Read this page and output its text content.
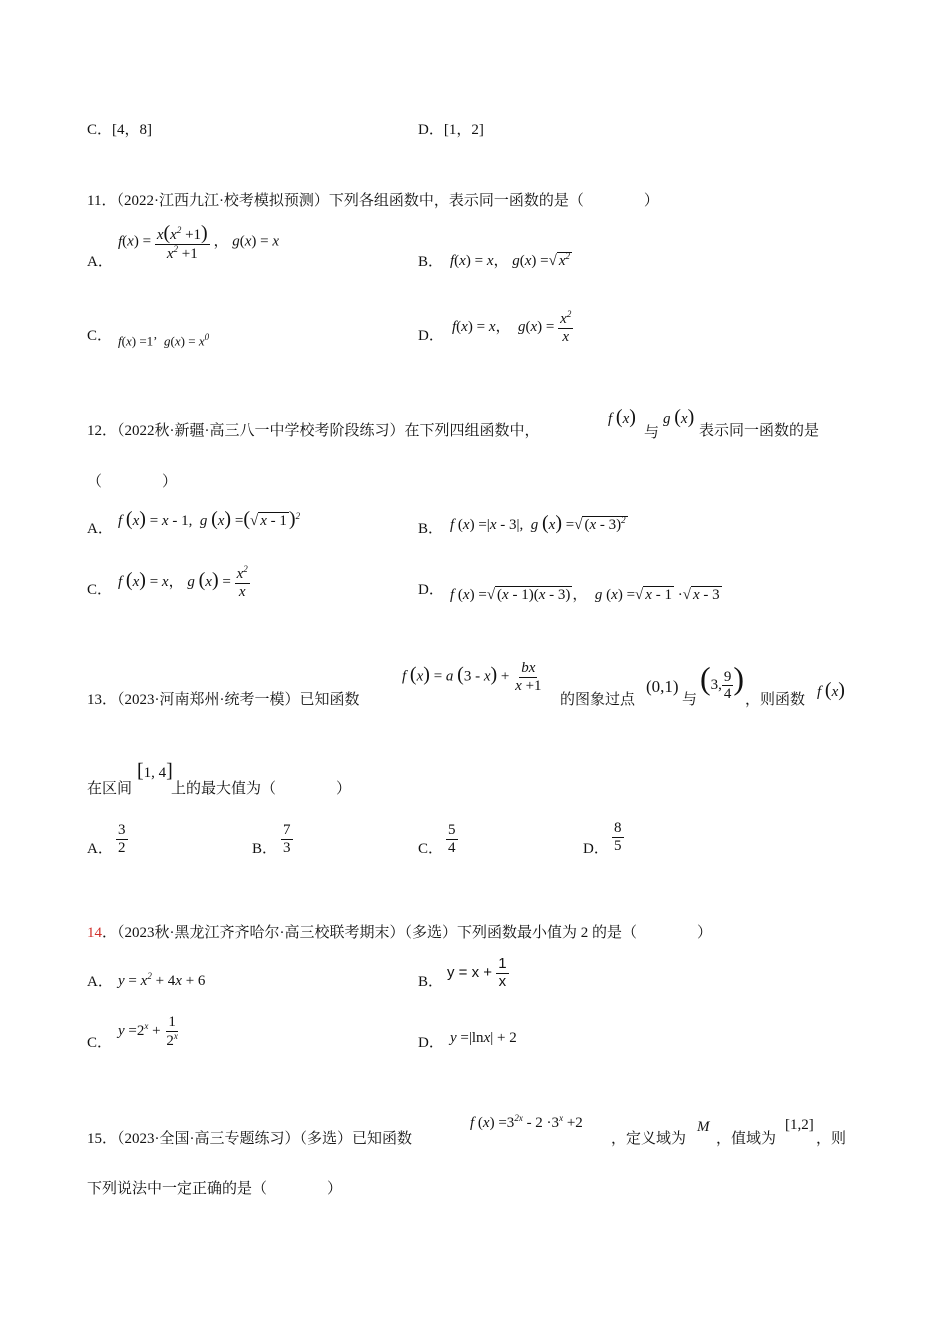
C．[4，8]	D．[1，2]
11．（2022·江西九江·校考模拟预测）下列各组函数中，表示同一函数的是（　　　　）
A．
$f(x) = \frac{x(x^2 +1)}{x^2 +1}$ ， g(x) = x
B． f(x) = x， g(x) =√ $x^2$
C． f(x) =1’  $g(x) = x^0$	D．
f(x) = x，  $g(x) = \frac{x^2}{x}$
12．（2022秋·新疆·高三八一中学校考阶段练习）在下列四组函数中，
f (x)
与
g (x)
表示同一函数的是
（　　　　）
A． f (x) = x - 1,  g (x) =(√ x - 1 )$^2$
B． f (x) =|x - 3|,  g (x) =√ (x - 3)$^2$
C．
f (x) = x， g $(x) = \frac{x^2}{x}$	D． f (x) =√ (x - 1)(x - 3) ，  g (x) =√ x - 1 ·√ x - 3
13．（2023·河南郑州·统考一模）已知函数
f (x) = a $(3 - x) + \frac{bx}{x +1}$
的图象过点
(0,1)
与
(3, $\frac{9}{4}$ )
，则函数 f (x)
在区间
[1, 4]
上的最大值为（　　　　）
A． $\frac{3}{2}$	B． $\frac{7}{3}$	C． $\frac{5}{4}$	D． $\frac{8}{5}$
14．（2023秋·黑龙江齐齐哈尔·高三校联考期末）（多选）下列函数最小值为 2 的是（　　　　）
A． $y = x^2 + 4x + 6$	B．
$y = x + \frac{1}{x}$
C．
$y =2^x + \frac{1}{2^x}$	D． y =|lnx| + 2
15．（2023·全国·高三专题练习）（多选）已知函数
f $(x) =3^{2x} - 2 \cdot 3^x +2$
，定义域为
M
，值域为
[1,2]
，则
下列说法中一定正确的是（　　　　）
